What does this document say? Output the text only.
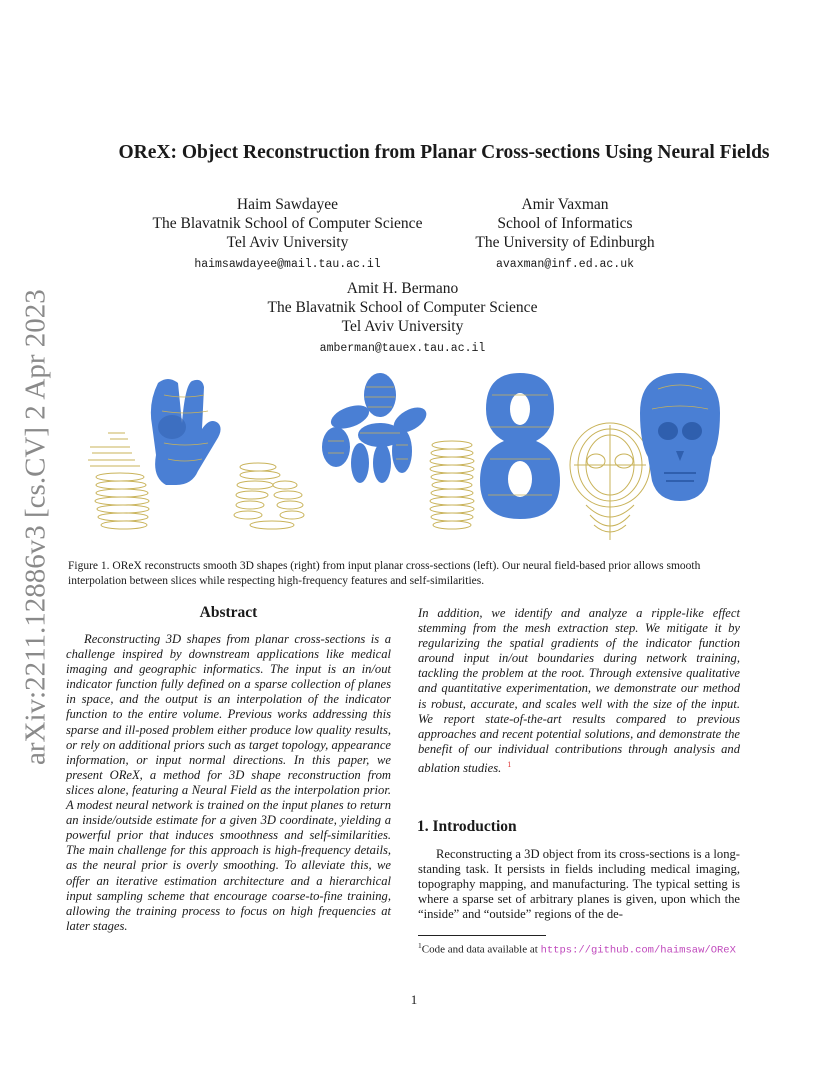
arXiv:2211.12886v3 [cs.CV] 2 Apr 2023
OReX: Object Reconstruction from Planar Cross-sections Using Neural Fields
Haim Sawdayee
The Blavatnik School of Computer Science
Tel Aviv University
haimsawdayee@mail.tau.ac.il
Amir Vaxman
School of Informatics
The University of Edinburgh
avaxman@inf.ed.ac.uk
Amit H. Bermano
The Blavatnik School of Computer Science
Tel Aviv University
amberman@tauex.tau.ac.il
Figure 1. OReX reconstructs smooth 3D shapes (right) from input planar cross-sections (left). Our neural field-based prior allows smooth interpolation between slices while respecting high-frequency features and self-similarities.
Abstract
Reconstructing 3D shapes from planar cross-sections is a challenge inspired by downstream applications like medical imaging and geographic informatics. The input is an in/out indicator function fully defined on a sparse collection of planes in space, and the output is an interpolation of the indicator function to the entire volume. Previous works addressing this sparse and ill-posed problem either produce low quality results, or rely on additional priors such as target topology, appearance information, or input normal directions. In this paper, we present OReX, a method for 3D shape reconstruction from slices alone, featuring a Neural Field as the interpolation prior. A modest neural network is trained on the input planes to return an inside/outside estimate for a given 3D coordinate, yielding a powerful prior that induces smoothness and self-similarities. The main challenge for this approach is high-frequency details, as the neural prior is overly smoothing. To alleviate this, we offer an iterative estimation architecture and a hierarchical input sampling scheme that encourage coarse-to-fine training, allowing the training process to focus on high frequencies at later stages.
In addition, we identify and analyze a ripple-like effect stemming from the mesh extraction step. We mitigate it by regularizing the spatial gradients of the indicator function around input in/out boundaries during network training, tackling the problem at the root. Through extensive qualitative and quantitative experimentation, we demonstrate our method is robust, accurate, and scales well with the size of the input. We report state-of-the-art results compared to previous approaches and recent potential solutions, and demonstrate the benefit of our individual contributions through analysis and ablation studies. $^1$
1. Introduction
Reconstructing a 3D object from its cross-sections is a long-standing task. It persists in fields including medical imaging, topography mapping, and manufacturing. The typical setting is where a sparse set of arbitrary planes is given, upon which the “inside” and “outside” regions of the de-
$^1$Code and data available at https://github.com/haimsaw/OReX
1
